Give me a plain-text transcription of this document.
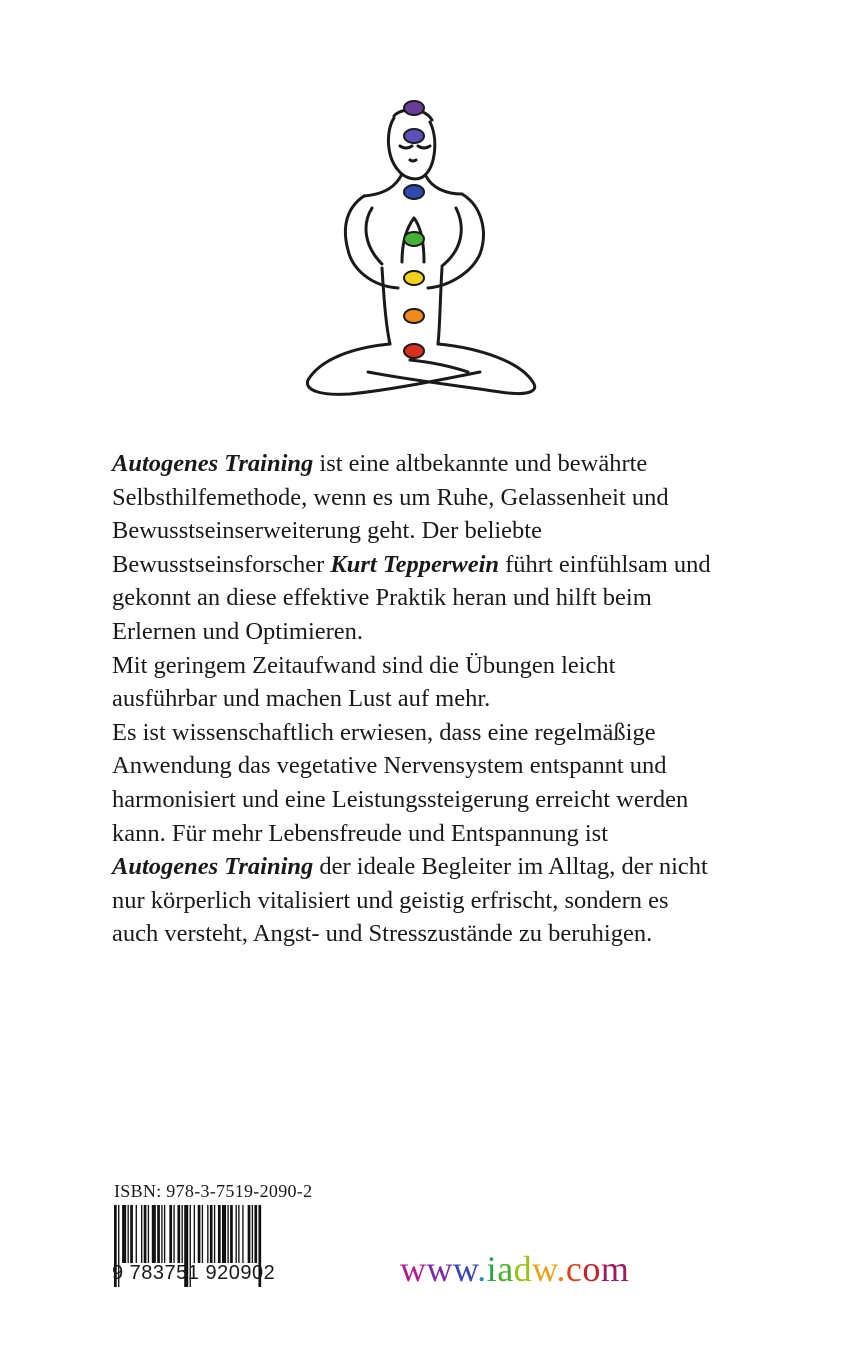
Autogenes Training ist eine altbekannte und bewährte Selbsthilfemethode, wenn es um Ruhe, Gelassenheit und Bewusstseinserweiterung geht. Der beliebte Bewusstseinsforscher Kurt Tepperwein führt einfühlsam und gekonnt an diese effektive Praktik heran und hilft beim Erlernen und Optimieren.

Mit geringem Zeitaufwand sind die Übungen leicht ausführbar und machen Lust auf mehr.

Es ist wissenschaftlich erwiesen, dass eine regelmäßige Anwendung das vegetative Nervensystem entspannt und harmonisiert und eine Leistungssteigerung erreicht werden kann. Für mehr Lebensfreude und Entspannung ist Autogenes Training der ideale Begleiter im Alltag, der nicht nur körperlich vitalisiert und geistig erfrischt, sondern es auch versteht, Angst- und Stresszustände zu beruhigen.

ISBN: 978-3-7519-2090-2
9 783751 920902	www.iadw.com
